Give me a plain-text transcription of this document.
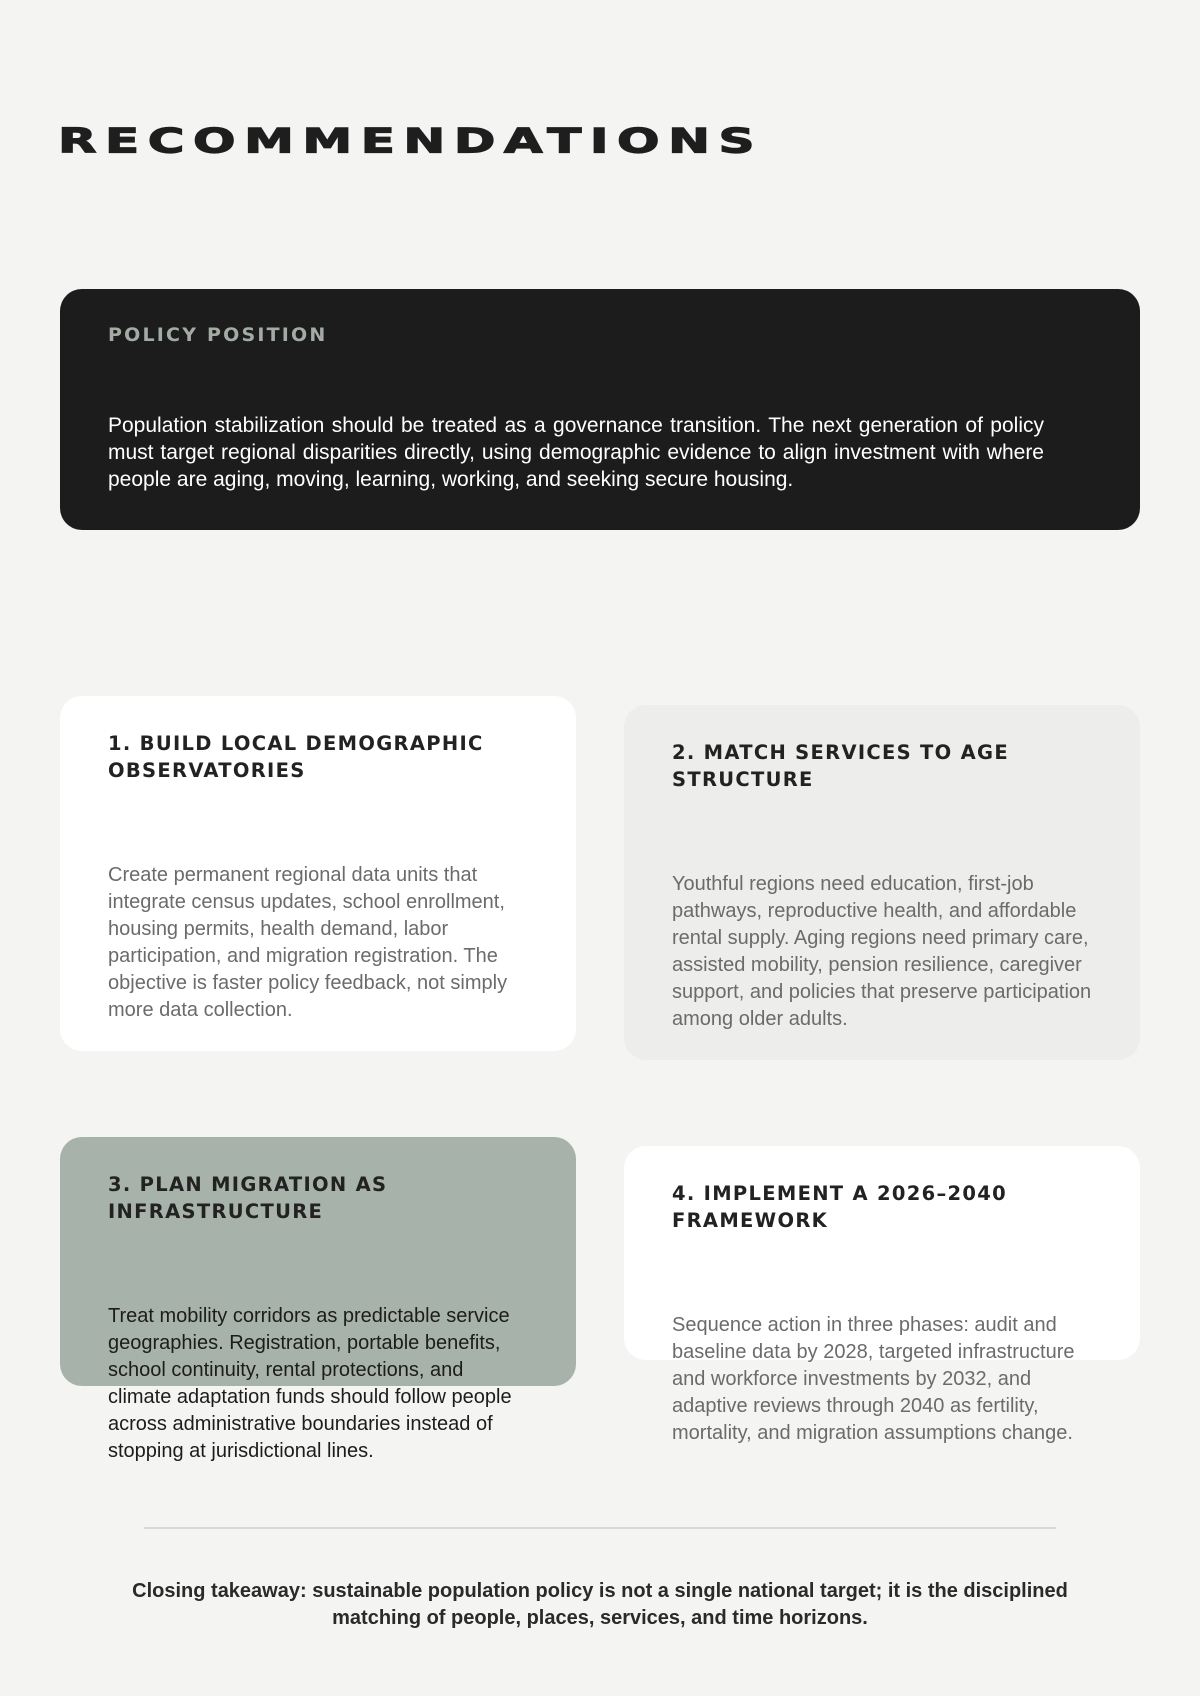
RECOMMENDATIONS

POLICY POSITION

Population stabilization should be treated as a governance transition. The next generation of policy must target regional disparities directly, using demographic evidence to align investment with where people are aging, moving, learning, working, and seeking secure housing.

1. BUILD LOCAL DEMOGRAPHIC OBSERVATORIES

Create permanent regional data units that integrate census updates, school enrollment, housing permits, health demand, labor participation, and migration registration. The objective is faster policy feedback, not simply more data collection.

2. MATCH SERVICES TO AGE STRUCTURE

Youthful regions need education, first-job pathways, reproductive health, and affordable rental supply. Aging regions need primary care, assisted mobility, pension resilience, caregiver support, and policies that preserve participation among older adults.

3. PLAN MIGRATION AS INFRASTRUCTURE

Treat mobility corridors as predictable service geographies. Registration, portable benefits, school continuity, rental protections, and climate adaptation funds should follow people across administrative boundaries instead of stopping at jurisdictional lines.

4. IMPLEMENT A 2026–2040 FRAMEWORK

Sequence action in three phases: audit and baseline data by 2028, targeted infrastructure and workforce investments by 2032, and adaptive reviews through 2040 as fertility, mortality, and migration assumptions change.

Closing takeaway: sustainable population policy is not a single national target; it is the disciplined matching of people, places, services, and time horizons.
